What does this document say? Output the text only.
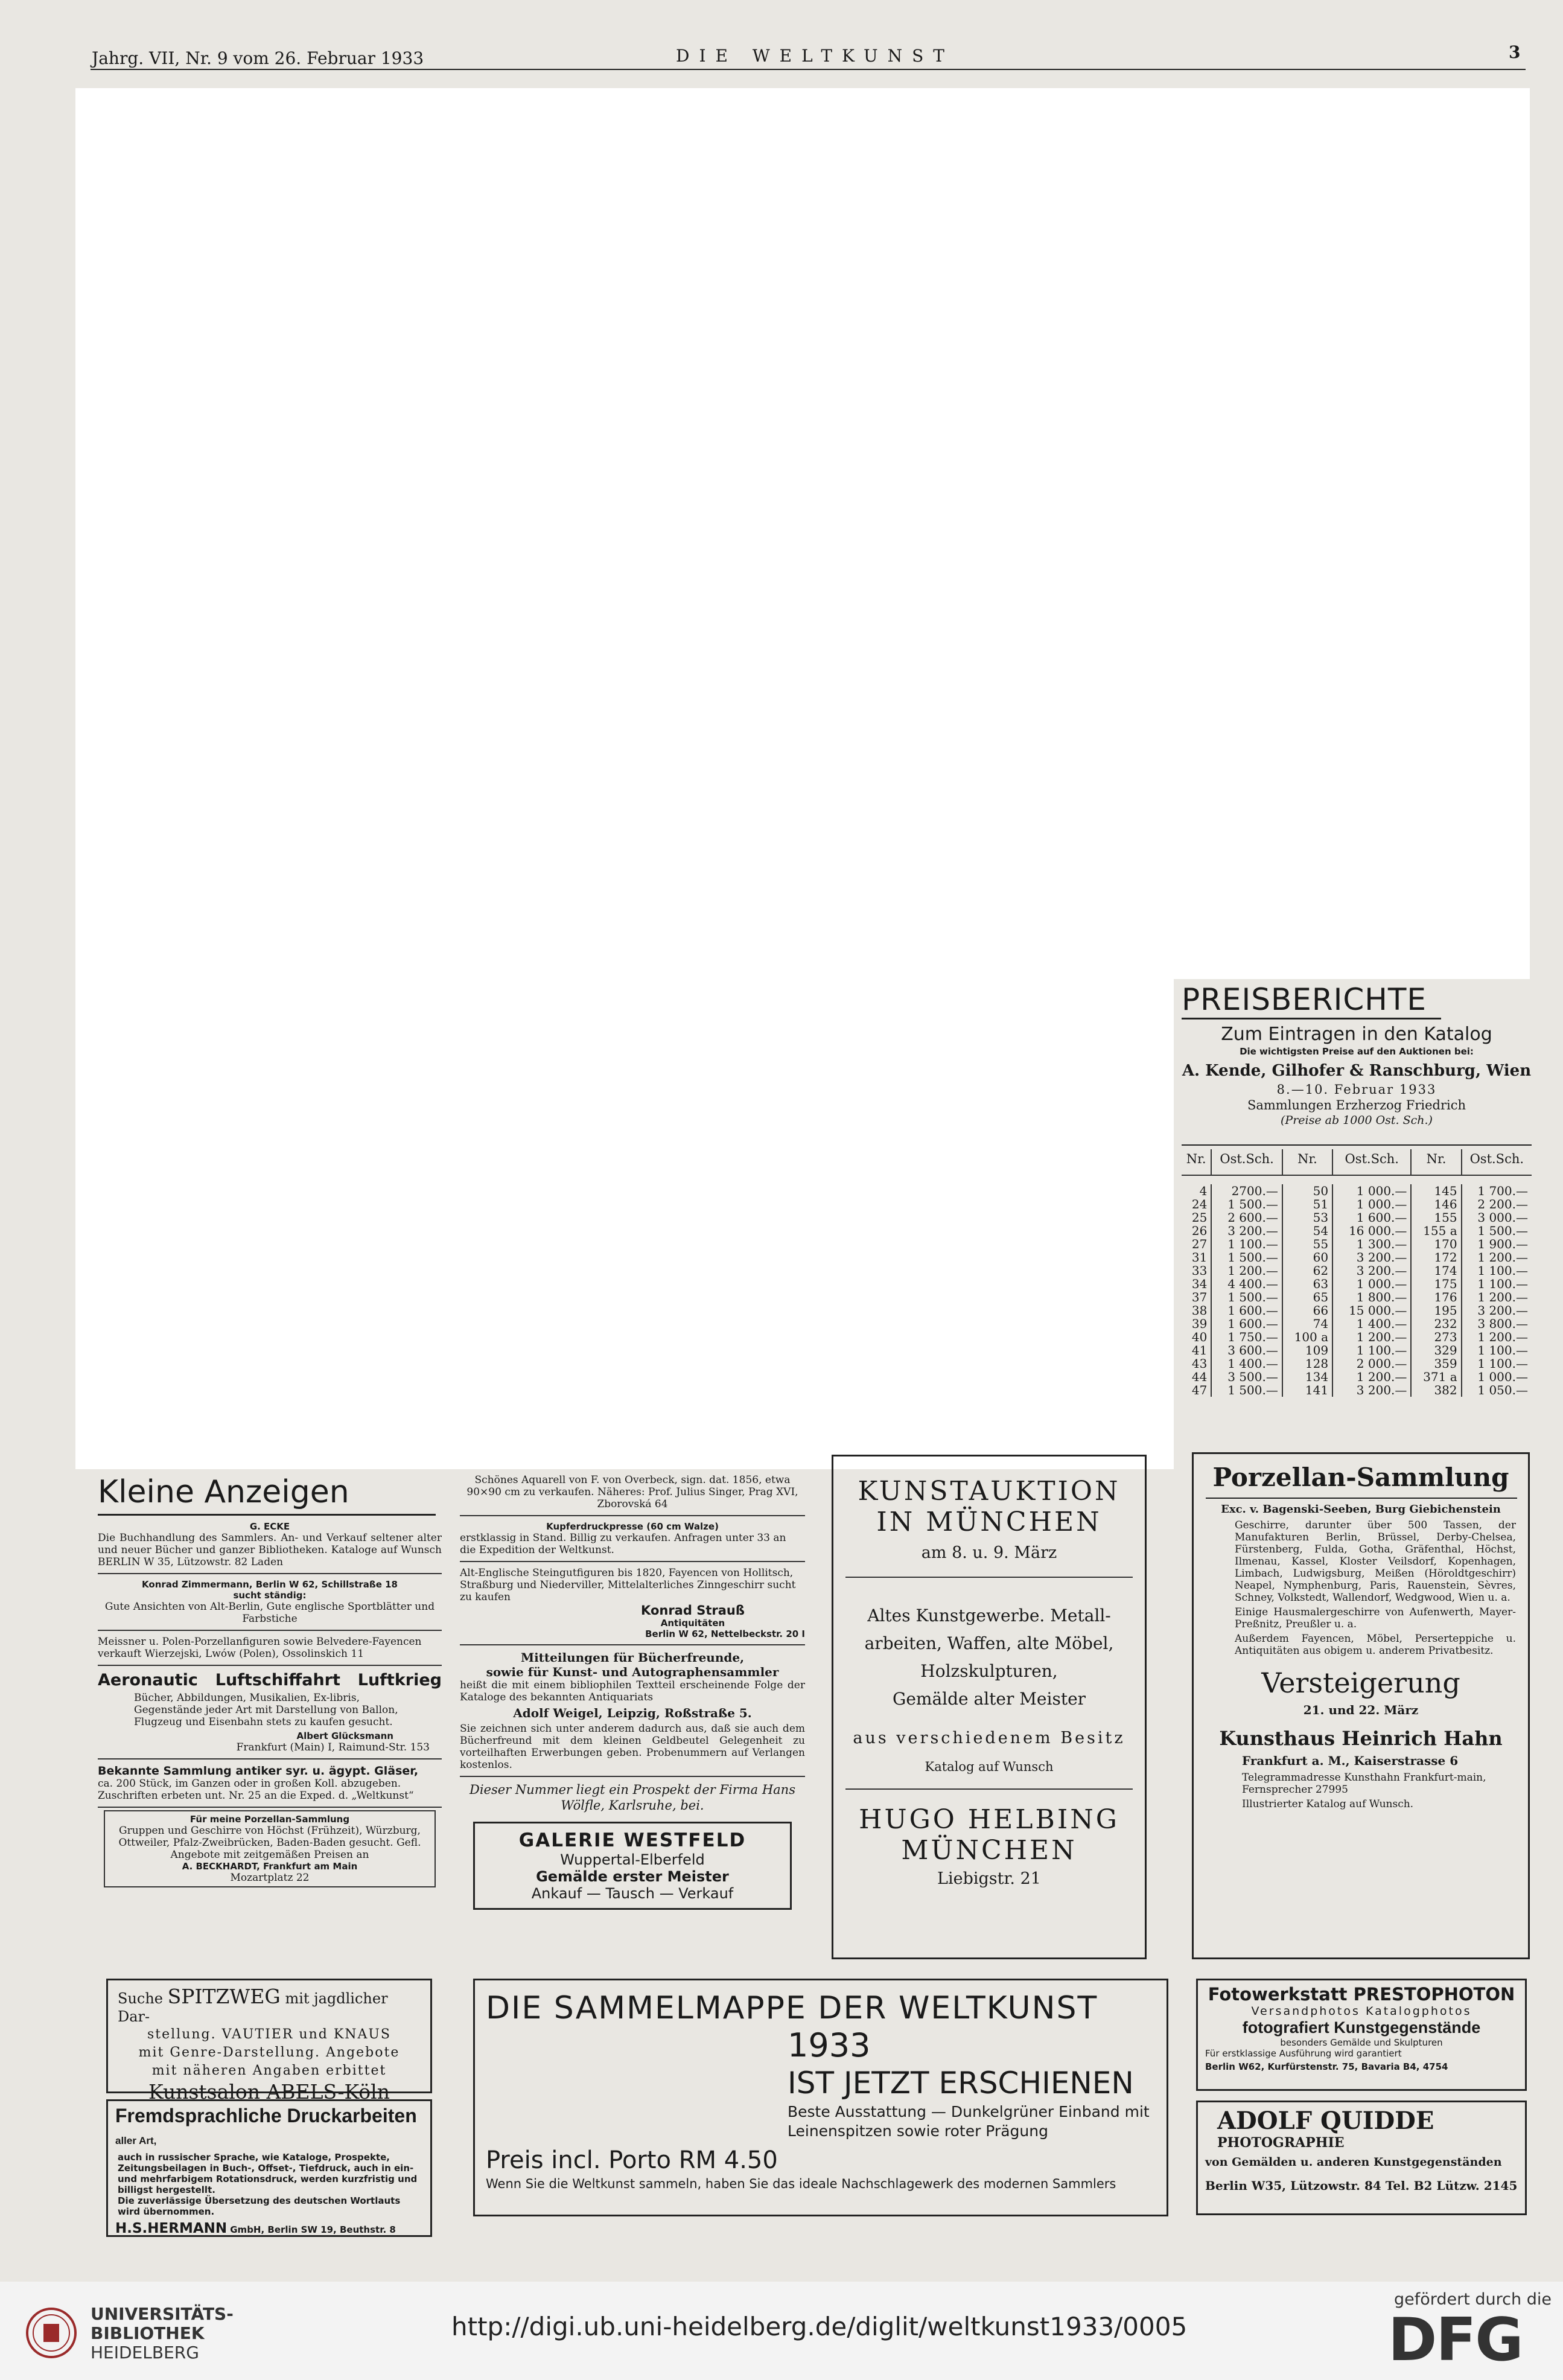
Jahrg. VII, Nr. 9 vom 26. Februar 1933	DIE WELTKUNST	3
PREISBERICHTE
Zum Eintragen in den Katalog
Die wichtigsten Preise auf den Auktionen bei:
A. Kende, Gilhofer & Ranschburg, Wien
8.—10. Februar 1933
Sammlungen Erzherzog Friedrich
(Preise ab 1000 Ost. Sch.)
Nr.	Ost.Sch.	Nr.	Ost.Sch.	Nr.	Ost.Sch.

4	2700.—	50	1 000.—	145	1 700.—
24	1 500.—	51	1 000.—	146	2 200.—
25	2 600.—	53	1 600.—	155	3 000.—
26	3 200.—	54	16 000.—	155 a	1 500.—
27	1 100.—	55	1 300.—	170	1 900.—
31	1 500.—	60	3 200.—	172	1 200.—
33	1 200.—	62	3 200.—	174	1 100.—
34	4 400.—	63	1 000.—	175	1 100.—
37	1 500.—	65	1 800.—	176	1 200.—
38	1 600.—	66	15 000.—	195	3 200.—
39	1 600.—	74	1 400.—	232	3 800.—
40	1 750.—	100 a	1 200.—	273	1 200.—
41	3 600.—	109	1 100.—	329	1 100.—
43	1 400.—	128	2 000.—	359	1 100.—
44	3 500.—	134	1 200.—	371 a	1 000.—
47	1 500.—	141	3 200.—	382	1 050.—
Kleine Anzeigen
G. ECKE

Die Buchhandlung des Sammlers. An- und Verkauf seltener alter und neuer Bücher und ganzer Bibliotheken. Kataloge auf Wunsch BERLIN W 35, Lützowstr. 82 Laden

Konrad Zimmermann, Berlin W 62, Schillstraße 18
sucht ständig:

Gute Ansichten von Alt-Berlin, Gute englische Sportblätter und Farbstiche

Meissner u. Polen-Porzellanfiguren sowie Belvedere-Fayencen verkauft Wierzejski, Lwów (Polen), Ossolinskich 11

Aeronautic Luftschiffahrt Luftkrieg

Bücher, Abbildungen, Musikalien, Ex-libris, Gegenstände jeder Art mit Darstellung von Ballon, Flugzeug und Eisenbahn stets zu kaufen gesucht.

Albert Glücksmann
Frankfurt (Main) I, Raimund-Str. 153
Bekannte Sammlung antiker syr. u. ägypt. Gläser,

ca. 200 Stück, im Ganzen oder in großen Koll. abzugeben. Zuschriften erbeten unt. Nr. 25 an die Exped. d. „Weltkunst“

Für meine Porzellan-Sammlung

Gruppen und Geschirre von Höchst (Frühzeit), Würzburg, Ottweiler, Pfalz-Zweibrücken, Baden-Baden gesucht. Gefl. Angebote mit zeitgemäßen Preisen an

A. BECKHARDT, Frankfurt am Main
Mozartplatz 22

Schönes Aquarell von F. von Overbeck, sign. dat. 1856, etwa 90×90 cm zu verkaufen. Näheres: Prof. Julius Singer, Prag XVI, Zborovská 64

Kupferdruckpresse (60 cm Walze)

erstklassig in Stand. Billig zu verkaufen. Anfragen unter 33 an die Expedition der Weltkunst.

Alt-Englische Steingutfiguren bis 1820, Fayencen von Hollitsch, Straßburg und Niederviller, Mittelalterliches Zinngeschirr sucht zu kaufen

Konrad Strauß
Antiquitäten
Berlin W 62, Nettelbeckstr. 20 I
Mitteilungen für Bücherfreunde,
sowie für Kunst- und Autographensammler

heißt die mit einem bibliophilen Textteil erscheinende Folge der Kataloge des bekannten Antiquariats

Adolf Weigel, Leipzig, Roßstraße 5.

Sie zeichnen sich unter anderem dadurch aus, daß sie auch dem Bücherfreund mit dem kleinen Geldbeutel Gelegenheit zu vorteilhaften Erwerbungen geben. Probenummern auf Verlangen kostenlos.

Dieser Nummer liegt ein Prospekt der Firma Hans Wölfle, Karlsruhe, bei.

GALERIE WESTFELD
Wuppertal-Elberfeld
Gemälde erster Meister
Ankauf — Tausch — Verkauf
KUNSTAUKTION
IN MÜNCHEN
am 8. u. 9. März
Altes Kunstgewerbe. Metall-
arbeiten, Waffen, alte Möbel,
Holzskulpturen,
Gemälde alter Meister
aus verschiedenem Besitz
Katalog auf Wunsch
HUGO HELBING
MÜNCHEN
Liebigstr. 21
Porzellan-Sammlung
Exc. v. Bagenski-Seeben, Burg Giebichenstein

Geschirre, darunter über 500 Tassen, der Manufakturen Berlin, Brüssel, Derby-Chelsea, Fürstenberg, Fulda, Gotha, Gräfenthal, Höchst, Ilmenau, Kassel, Kloster Veilsdorf, Kopenhagen, Limbach, Ludwigsburg, Meißen (Höroldtgeschirr) Neapel, Nymphenburg, Paris, Rauenstein, Sèvres, Schney, Volkstedt, Wallendorf, Wedgwood, Wien u. a.

Einige Hausmalergeschirre von Aufenwerth, Mayer-Preßnitz, Preußler u. a.

Außerdem Fayencen, Möbel, Perserteppiche u. Antiquitäten aus obigem u. anderem Privatbesitz.

Versteigerung
21. und 22. März
Kunsthaus Heinrich Hahn
Frankfurt a. M., Kaiserstrasse 6

Telegrammadresse Kunsthahn Frankfurt-main, Fernsprecher 27995

Illustrierter Katalog auf Wunsch.

Suche SPITZWEG mit jagdlicher Dar-
stellung. VAUTIER und KNAUS
mit Genre-Darstellung. Angebote
mit näheren Angaben erbittet
Kunstsalon ABELS-Köln
Fremdsprachliche Druckarbeiten aller Art,

auch in russischer Sprache, wie Kataloge, Prospekte, Zeitungsbeilagen in Buch-, Offset-, Tiefdruck, auch in ein- und mehrfarbigem Rotationsdruck, werden kurzfristig und billigst hergestellt.

Die zuverlässige Übersetzung des deutschen Wortlauts wird übernommen.

H.S.HERMANN GmbH, Berlin SW 19, Beuthstr. 8
DIE SAMMELMAPPE DER WELTKUNST
1933
IST JETZT ERSCHIENEN
Beste Ausstattung — Dunkelgrüner Einband mit
Leinenspitzen sowie roter Prägung
Preis incl. Porto RM 4.50
Wenn Sie die Weltkunst sammeln, haben Sie das ideale Nachschlagewerk des modernen Sammlers
Fotowerkstatt PRESTOPHOTON
Versandphotos Katalogphotos
fotografiert Kunstgegenstände
besonders Gemälde und Skulpturen
Für erstklassige Ausführung wird garantiert
Berlin W62, Kurfürstenstr. 75, Bavaria B4, 4754
ADOLF QUIDDE
PHOTOGRAPHIE
von Gemälden u. anderen Kunstgegenständen
Berlin W35, Lützowstr. 84 Tel. B2 Lützw. 2145
UNIVERSITÄTS-
BIBLIOTHEK
HEIDELBERG
http://digi.ub.uni-heidelberg.de/diglit/weltkunst1933/0005
gefördert durch die
DFG
